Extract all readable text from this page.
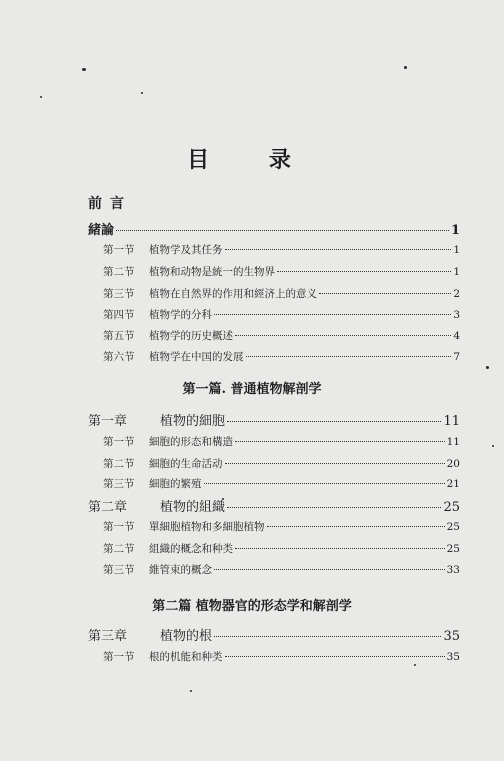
目 录
前言
緒論	1
第一节	植物学及其任务	1
第二节	植物和动物是統一的生物界	1
第三节	植物在自然界的作用和經济上的意义	2
第四节	植物学的分科	3
第五节	植物学的历史概述	4
第六节	植物学在中国的发展	7
第一篇. 普通植物解剖学
第一章	植物的細胞	11
第一节	細胞的形态和構造	11
第二节	細胞的生命活动	20
第三节	細胞的繁殖	21
第二章	植物的組織	25
第一节	單細胞植物和多細胞植物	25
第二节	組織的概念和种类	25
第三节	維管束的概念	33
第二篇 植物器官的形态学和解剖学
第三章	植物的根	35
第一节	根的机能和种类	35
